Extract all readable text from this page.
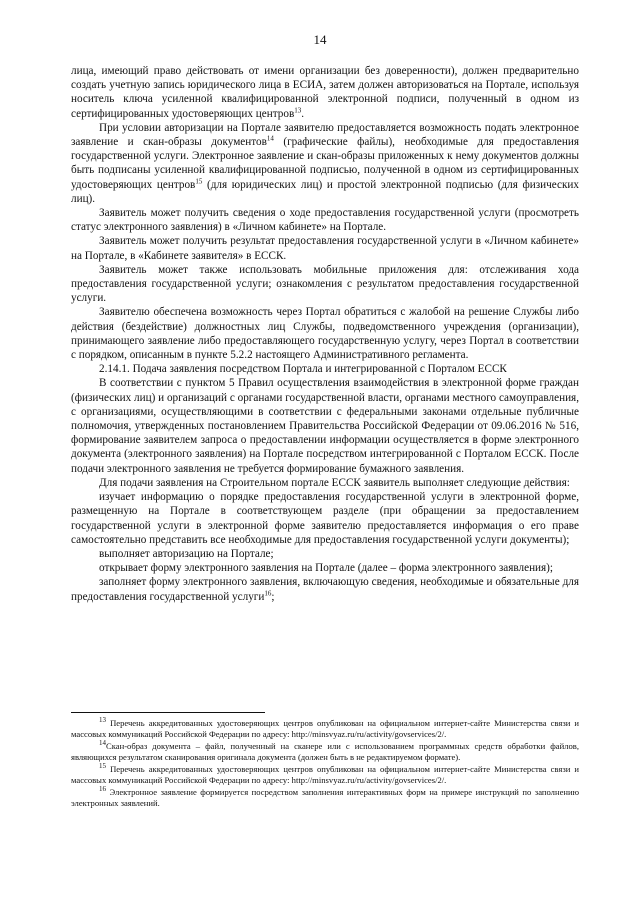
14

лица, имеющий право действовать от имени организации без доверенности), должен предварительно создать учетную запись юридического лица в ЕСИА, затем должен авторизоваться на Портале, используя носитель ключа усиленной квалифицированной электронной подписи, полученный в одном из сертифицированных удостоверяющих центров$^{13}$.

При условии авторизации на Портале заявителю предоставляется возможность подать электронное заявление и скан-образы документов$^{14}$ (графические файлы), необходимые для предоставления государственной услуги. Электронное заявление и скан-образы приложенных к нему документов должны быть подписаны усиленной квалифицированной подписью, полученной в одном из сертифицированных удостоверяющих центров$^{15}$ (для юридических лиц) и простой электронной подписью (для физических лиц).

Заявитель может получить сведения о ходе предоставления государственной услуги (просмотреть статус электронного заявления) в «Личном кабинете» на Портале.

Заявитель может получить результат предоставления государственной услуги в «Личном кабинете» на Портале, в «Кабинете заявителя» в ЕССК.

Заявитель может также использовать мобильные приложения для: отслеживания хода предоставления государственной услуги; ознакомления с результатом предоставления государственной услуги.

Заявителю обеспечена возможность через Портал обратиться с жалобой на решение Службы либо действия (бездействие) должностных лиц Службы, подведомственного учреждения (организации), принимающего заявление либо предоставляющего государственную услугу, через Портал в соответствии с порядком, описанным в пункте 5.2.2 настоящего Административного регламента.

2.14.1. Подача заявления посредством Портала и интегрированной с Порталом ЕССК

В соответствии с пунктом 5 Правил осуществления взаимодействия в электронной форме граждан (физических лиц) и организаций с органами государственной власти, органами местного самоуправления, с организациями, осуществляющими в соответствии с федеральными законами отдельные публичные полномочия, утвержденных постановлением Правительства Российской Федерации от 09.06.2016 № 516, формирование заявителем запроса о предоставлении информации осуществляется в форме электронного документа (электронного заявления) на Портале посредством интегрированной с Порталом ЕССК. После подачи электронного заявления не требуется формирование бумажного заявления.

Для подачи заявления на Строительном портале ЕССК заявитель выполняет следующие действия:

изучает информацию о порядке предоставления государственной услуги в электронной форме, размещенную на Портале в соответствующем разделе (при обращении за предоставлением государственной услуги в электронной форме заявителю предоставляется информация о его праве самостоятельно представить все необходимые для предоставления государственной услуги документы);

выполняет авторизацию на Портале;

открывает форму электронного заявления на Портале (далее – форма электронного заявления);

заполняет форму электронного заявления, включающую сведения, необходимые и обязательные для предоставления государственной услуги$^{16}$;

$^{13}$ Перечень аккредитованных удостоверяющих центров опубликован на официальном интернет-сайте Министерства связи и массовых коммуникаций Российской Федерации по адресу: http://minsvyaz.ru/ru/activity/govservices/2/.

$^{14}$Скан-образ документа – файл, полученный на сканере или с использованием программных средств обработки файлов, являющихся результатом сканирования оригинала документа (должен быть в не редактируемом формате).

$^{15}$ Перечень аккредитованных удостоверяющих центров опубликован на официальном интернет-сайте Министерства связи и массовых коммуникаций Российской Федерации по адресу: http://minsvyaz.ru/ru/activity/govservices/2/.

$^{16}$ Электронное заявление формируется посредством заполнения интерактивных форм на примере инструкций по заполнению электронных заявлений.
